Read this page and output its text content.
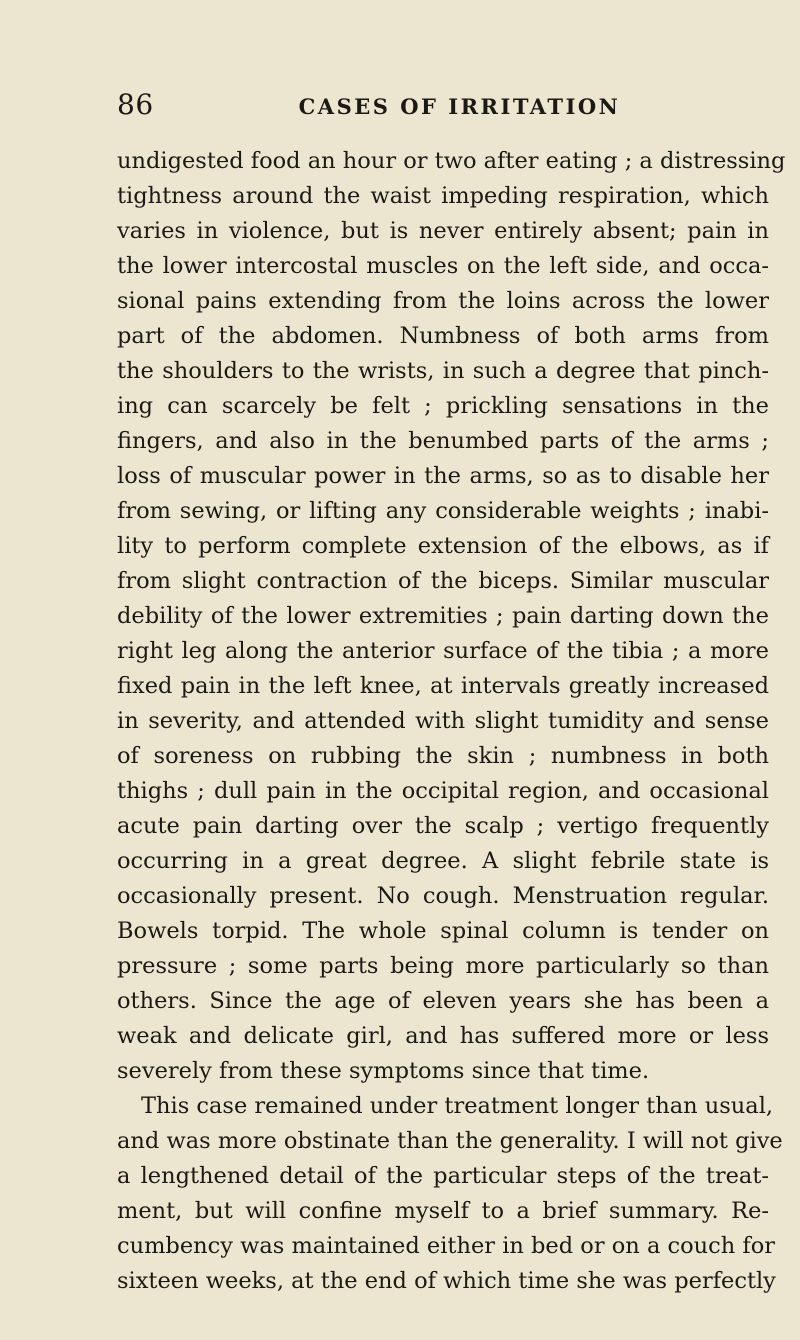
86	CASES OF IRRITATION
undigested food an hour or two after eating ; a distressing
tightness around the waist impeding respiration, which
varies in violence, but is never entirely absent; pain in
the lower intercostal muscles on the left side, and occa-
sional pains extending from the loins across the lower
part of the abdomen. Numbness of both arms from
the shoulders to the wrists, in such a degree that pinch-
ing can scarcely be felt ; prickling sensations in the
fingers, and also in the benumbed parts of the arms ;
loss of muscular power in the arms, so as to disable her
from sewing, or lifting any considerable weights ; inabi-
lity to perform complete extension of the elbows, as if
from slight contraction of the biceps. Similar muscular
debility of the lower extremities ; pain darting down the
right leg along the anterior surface of the tibia ; a more
fixed pain in the left knee, at intervals greatly increased
in severity, and attended with slight tumidity and sense
of soreness on rubbing the skin ; numbness in both
thighs ; dull pain in the occipital region, and occasional
acute pain darting over the scalp ; vertigo frequently
occurring in a great degree. A slight febrile state is
occasionally present. No cough. Menstruation regular.
Bowels torpid. The whole spinal column is tender on
pressure ; some parts being more particularly so than
others. Since the age of eleven years she has been a
weak and delicate girl, and has suffered more or less
severely from these symptoms since that time.
This case remained under treatment longer than usual,
and was more obstinate than the generality. I will not give
a lengthened detail of the particular steps of the treat-
ment, but will confine myself to a brief summary. Re-
cumbency was maintained either in bed or on a couch for
sixteen weeks, at the end of which time she was perfectly
